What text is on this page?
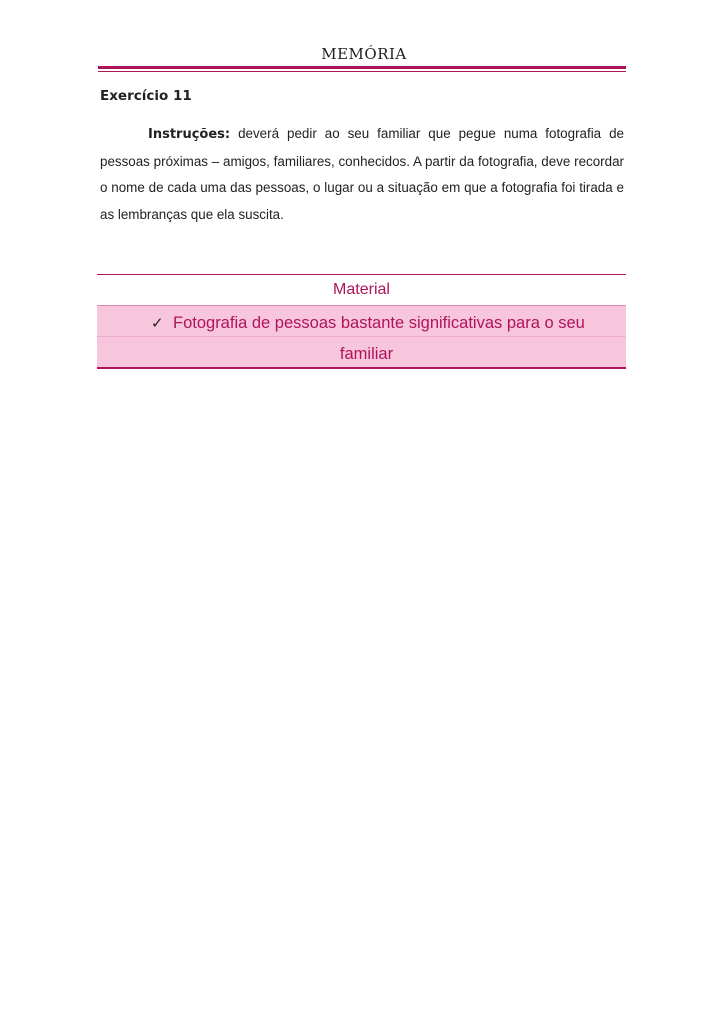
MEMÓRIA
Exercício 11

Instruções: deverá pedir ao seu familiar que pegue numa fotografia de pessoas próximas – amigos, familiares, conhecidos. A partir da fotografia, deve recordar o nome de cada uma das pessoas, o lugar ou a situação em que a fotografia foi tirada e as lembranças que ela suscita.

Material
✓ Fotografia de pessoas bastante significativas para o seu
familiar
